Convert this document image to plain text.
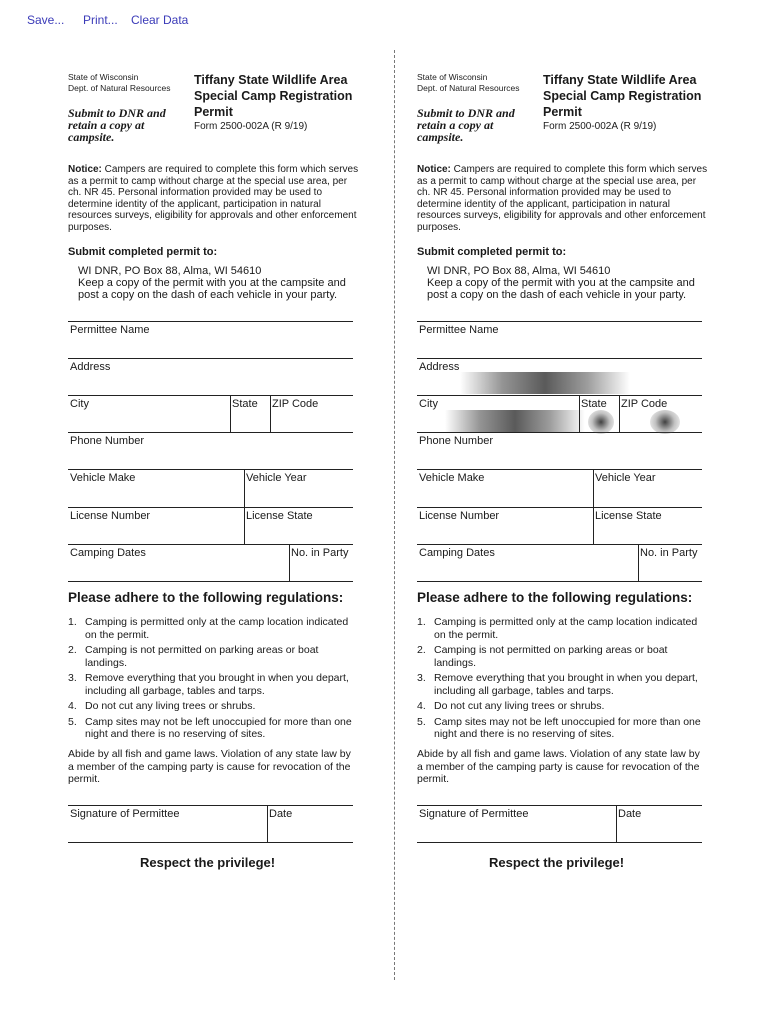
Save... Print... Clear Data
State of Wisconsin
Dept. of Natural Resources
Submit to DNR and retain a copy at campsite.
Tiffany State Wildlife Area Special Camp Registration Permit
Form 2500-002A (R 9/19)
Notice: Campers are required to complete this form which serves as a permit to camp without charge at the special use area, per ch. NR 45. Personal information provided may be used to determine identity of the applicant, participation in natural resources surveys, eligibility for approvals and other enforcement purposes.
Submit completed permit to:
WI DNR, PO Box 88, Alma, WI 54610
Keep a copy of the permit with you at the campsite and post a copy on the dash of each vehicle in your party.
Permittee Name
Address
City	State	ZIP Code
Phone Number
Vehicle Make	Vehicle Year
License Number	License State
Camping Dates	No. in Party
Please adhere to the following regulations:
1. Camping is permitted only at the camp location indicated on the permit.
2. Camping is not permitted on parking areas or boat landings.
3. Remove everything that you brought in when you depart, including all garbage, tables and tarps.
4. Do not cut any living trees or shrubs.
5. Camp sites may not be left unoccupied for more than one night and there is no reserving of sites.
Abide by all fish and game laws. Violation of any state law by a member of the camping party is cause for revocation of the permit.
Signature of Permittee	Date
Respect the privilege!
State of Wisconsin
Dept. of Natural Resources
Submit to DNR and retain a copy at campsite.
Tiffany State Wildlife Area Special Camp Registration Permit
Form 2500-002A (R 9/19)
Notice: Campers are required to complete this form which serves as a permit to camp without charge at the special use area, per ch. NR 45. Personal information provided may be used to determine identity of the applicant, participation in natural resources surveys, eligibility for approvals and other enforcement purposes.
Submit completed permit to:
WI DNR, PO Box 88, Alma, WI 54610
Keep a copy of the permit with you at the campsite and post a copy on the dash of each vehicle in your party.
Permittee Name
Address
City	State	ZIP Code
Phone Number
Vehicle Make	Vehicle Year
License Number	License State
Camping Dates	No. in Party
Please adhere to the following regulations:
1. Camping is permitted only at the camp location indicated on the permit.
2. Camping is not permitted on parking areas or boat landings.
3. Remove everything that you brought in when you depart, including all garbage, tables and tarps.
4. Do not cut any living trees or shrubs.
5. Camp sites may not be left unoccupied for more than one night and there is no reserving of sites.
Abide by all fish and game laws. Violation of any state law by a member of the camping party is cause for revocation of the permit.
Signature of Permittee	Date
Respect the privilege!
